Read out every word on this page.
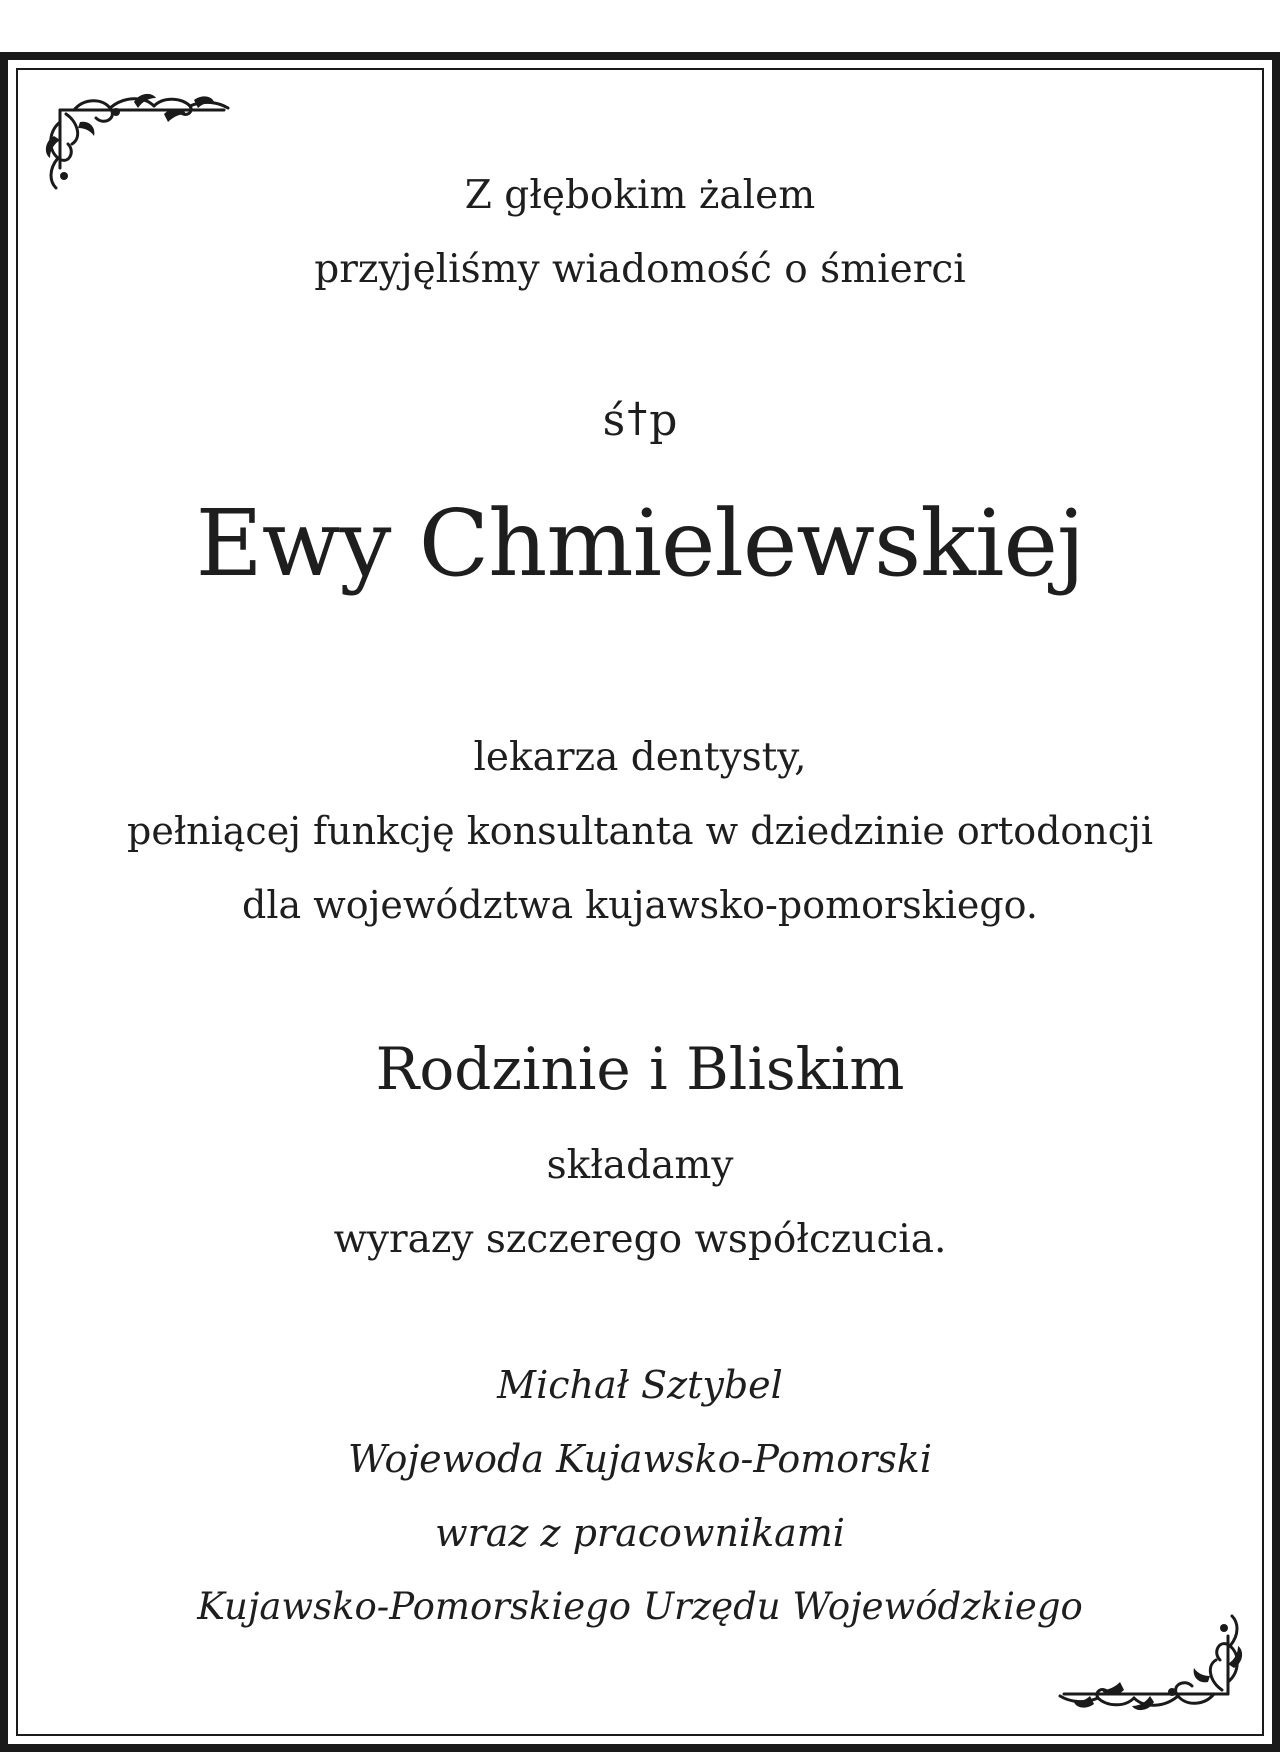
Z głębokim żalem
przyjęliśmy wiadomość o śmierci
ś†p
Ewy Chmielewskiej
lekarza dentysty,
pełniącej funkcję konsultanta w dziedzinie ortodoncji
dla województwa kujawsko-pomorskiego.
Rodzinie i Bliskim
składamy
wyrazy szczerego współczucia.
Michał Sztybel
Wojewoda Kujawsko-Pomorski
wraz z pracownikami
Kujawsko-Pomorskiego Urzędu Wojewódzkiego
